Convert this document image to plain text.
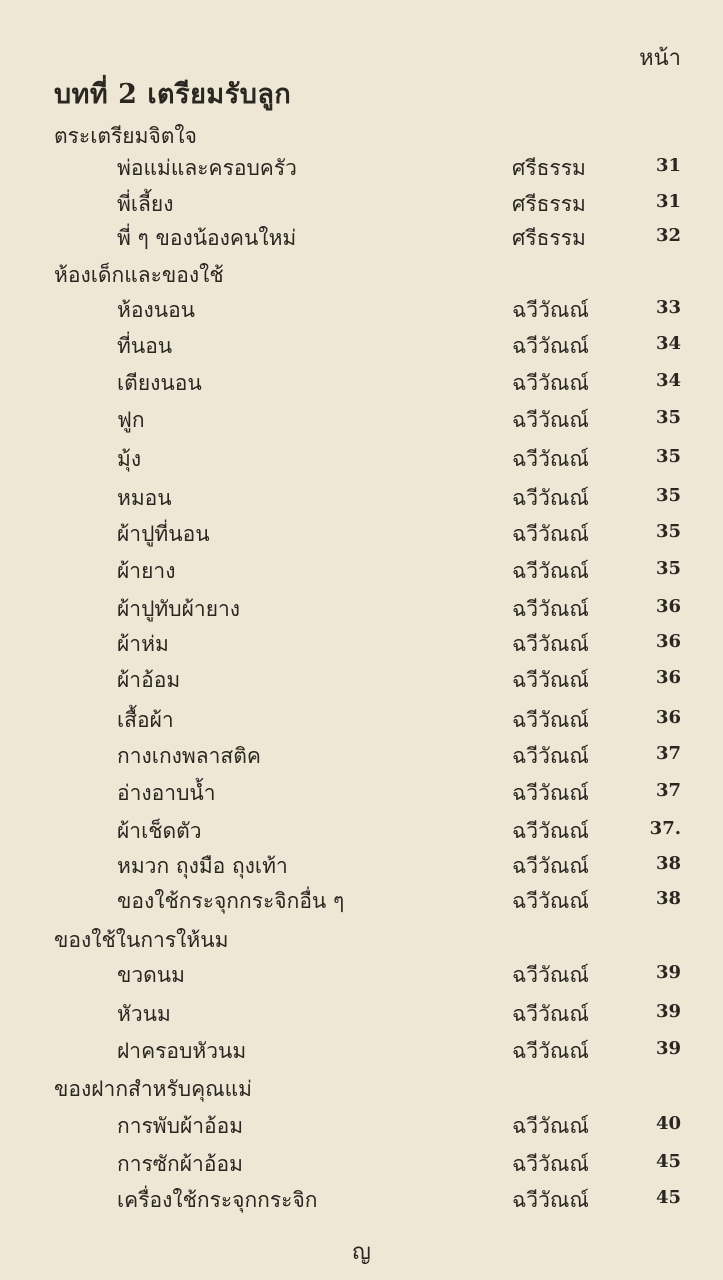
หน้า
บทที่ 2 เตรียมรับลูก
ตระเตรียมจิตใจ
พ่อแม่และครอบครัว	ศรีธรรม	31
พี่เลี้ยง	ศรีธรรม	31
พี่ ๆ ของน้องคนใหม่	ศรีธรรม	32
ห้องเด็กและของใช้
ห้องนอน	ฉวีวัณณ์	33
ที่นอน	ฉวีวัณณ์	34
เตียงนอน	ฉวีวัณณ์	34
ฟูก	ฉวีวัณณ์	35
มุ้ง	ฉวีวัณณ์	35
หมอน	ฉวีวัณณ์	35
ผ้าปูที่นอน	ฉวีวัณณ์	35
ผ้ายาง	ฉวีวัณณ์	35
ผ้าปูทับผ้ายาง	ฉวีวัณณ์	36
ผ้าห่ม	ฉวีวัณณ์	36
ผ้าอ้อม	ฉวีวัณณ์	36
เสื้อผ้า	ฉวีวัณณ์	36
กางเกงพลาสติค	ฉวีวัณณ์	37
อ่างอาบน้ำ	ฉวีวัณณ์	37
ผ้าเช็ดตัว	ฉวีวัณณ์	37.
หมวก ถุงมือ ถุงเท้า	ฉวีวัณณ์	38
ของใช้กระจุกกระจิกอื่น ๆ	ฉวีวัณณ์	38
ของใช้ในการให้นม
ขวดนม	ฉวีวัณณ์	39
หัวนม	ฉวีวัณณ์	39
ฝาครอบหัวนม	ฉวีวัณณ์	39
ของฝากสำหรับคุณแม่
การพับผ้าอ้อม	ฉวีวัณณ์	40
การซักผ้าอ้อม	ฉวีวัณณ์	45
เครื่องใช้กระจุกกระจิก	ฉวีวัณณ์	45
ญ
